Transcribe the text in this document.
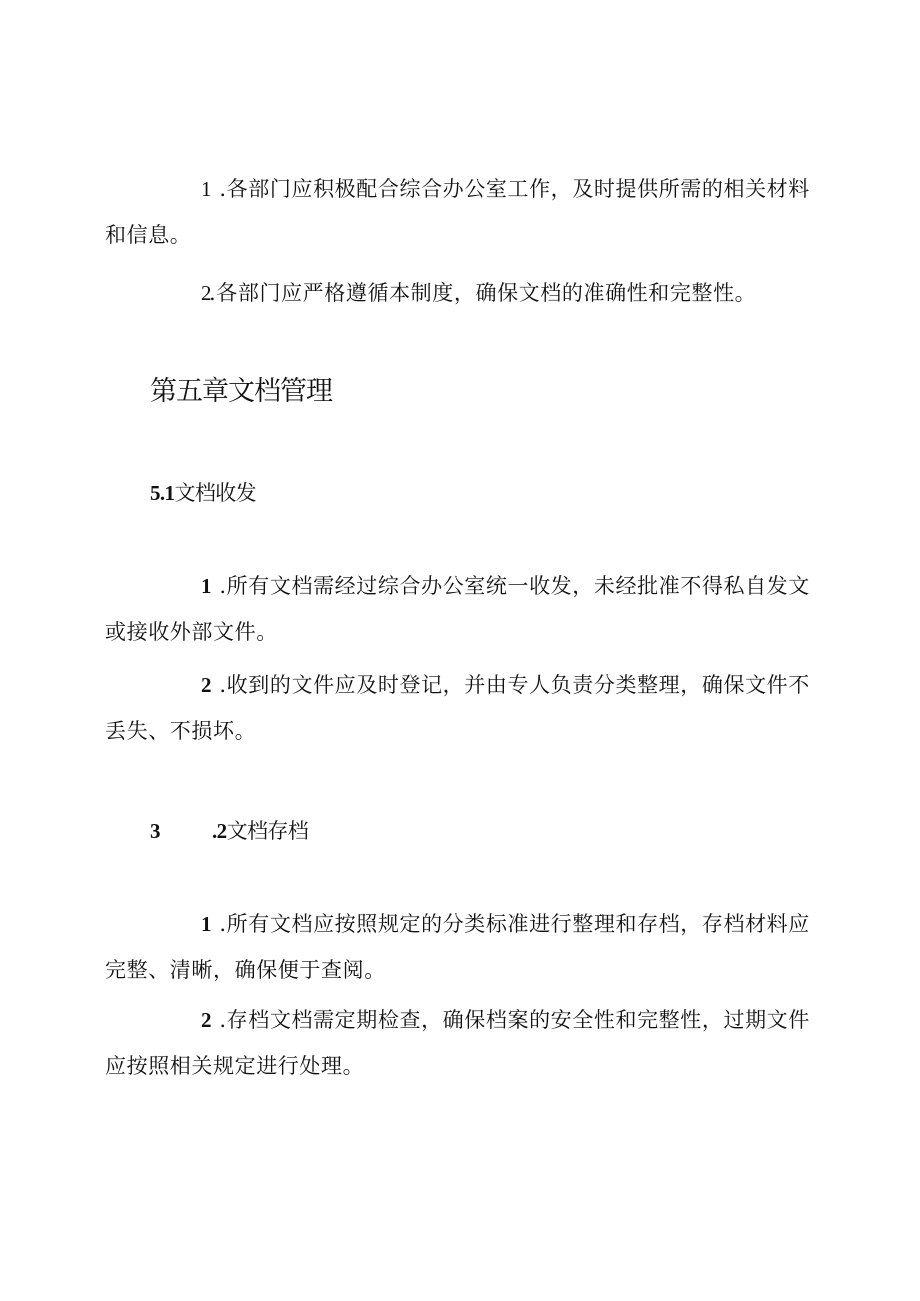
1 .各部门应积极配合综合办公室工作，及时提供所需的相关材料和信息。

2.各部门应严格遵循本制度，确保文档的准确性和完整性。

第五章文档管理
5.1文档收发

1 .所有文档需经过综合办公室统一收发，未经批准不得私自发文或接收外部文件。

2 .收到的文件应及时登记，并由专人负责分类整理，确保文件不丢失、不损坏。

3 .2文档存档

1 .所有文档应按照规定的分类标准进行整理和存档，存档材料应完整、清晰，确保便于查阅。

2 .存档文档需定期检查，确保档案的安全性和完整性，过期文件应按照相关规定进行处理。
